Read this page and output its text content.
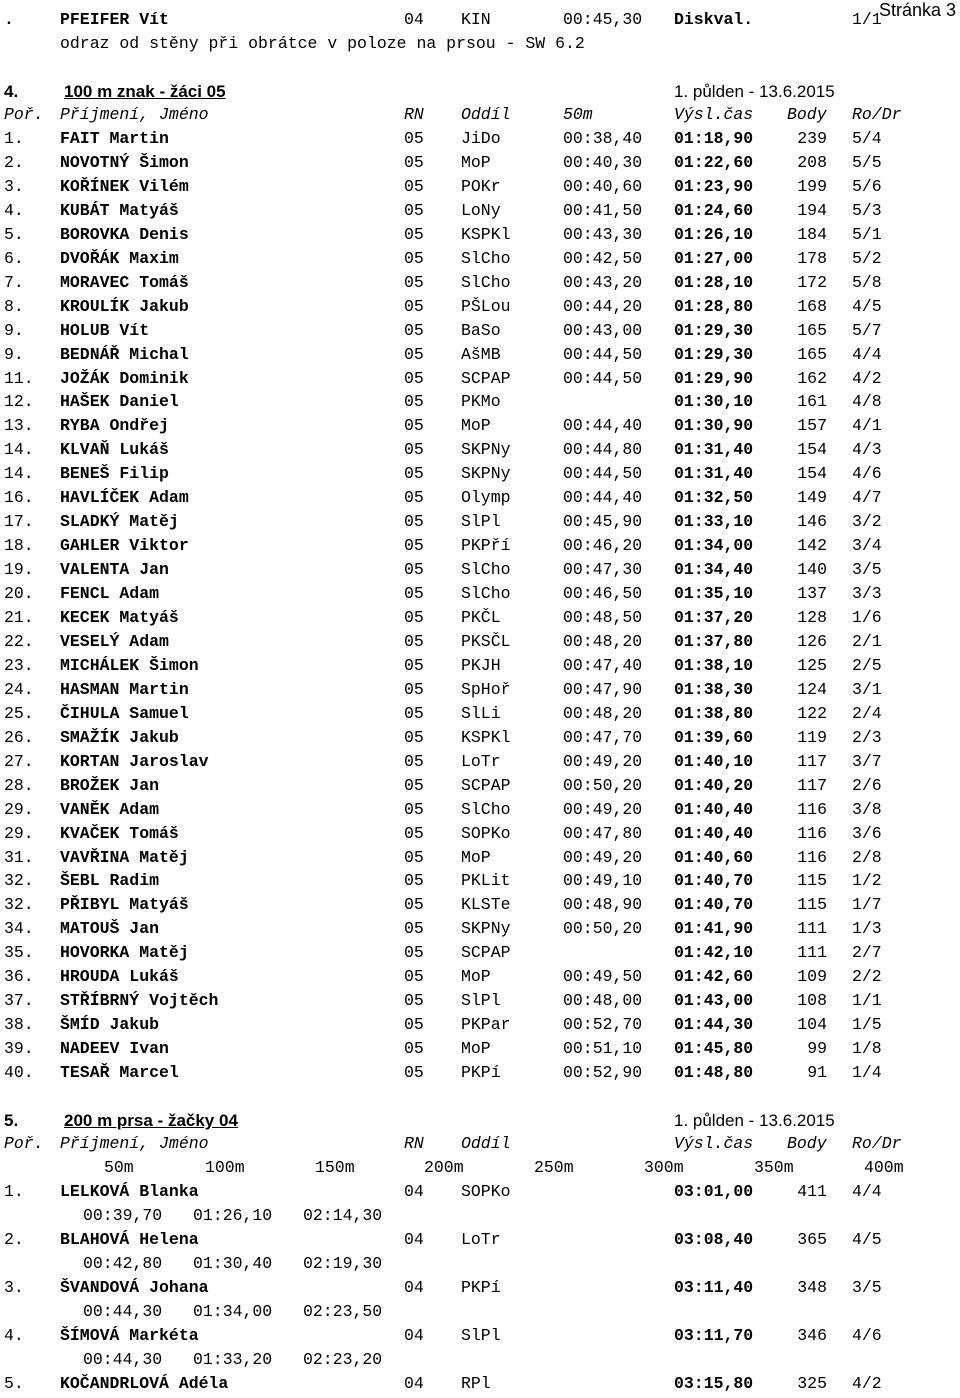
Stránka 3
.	PFEIFER Vít	04 KIN	00:45,30 Diskval.	1/1
odraz od stěny při obrátce v poloze na prsou - SW 6.2
4.	100 m znak - žáci 05	1. půlden - 13.6.2015
Poř. Příjmení, Jméno	RN Oddíl	50m	Výsl.čas Body Ro/Dr
1. FAIT Martin	05 JiDo	00:38,40 01:18,90	239 5/4
2. NOVOTNÝ Šimon	05 MoP	00:40,30 01:22,60	208 5/5
3. KOŘÍNEK Vilém	05 POKr	00:40,60 01:23,90	199 5/6
4. KUBÁT Matyáš	05 LoNy	00:41,50 01:24,60	194 5/3
5. BOROVKA Denis	05 KSPKl	00:43,30 01:26,10	184 5/1
6. DVOŘÁK Maxim	05 SlCho	00:42,50 01:27,00	178 5/2
7. MORAVEC Tomáš	05 SlCho	00:43,20 01:28,10	172 5/8
8. KROULÍK Jakub	05 PŠLou	00:44,20 01:28,80	168 4/5
9. HOLUB Vít	05 BaSo	00:43,00 01:29,30	165 5/7
9. BEDNÁŘ Michal	05 AšMB	00:44,50 01:29,30	165 4/4
11. JOŽÁK Dominik	05 SCPAP	00:44,50 01:29,90	162 4/2
12. HAŠEK Daniel	05 PKMo	01:30,10	161 4/8
13. RYBA Ondřej	05 MoP	00:44,40 01:30,90	157 4/1
14. KLVAŇ Lukáš	05 SKPNy	00:44,80 01:31,40	154 4/3
14. BENEŠ Filip	05 SKPNy	00:44,50 01:31,40	154 4/6
16. HAVLÍČEK Adam	05 Olymp	00:44,40 01:32,50	149 4/7
17. SLADKÝ Matěj	05 SlPl	00:45,90 01:33,10	146 3/2
18. GAHLER Viktor	05 PKPří	00:46,20 01:34,00	142 3/4
19. VALENTA Jan	05 SlCho	00:47,30 01:34,40	140 3/5
20. FENCL Adam	05 SlCho	00:46,50 01:35,10	137 3/3
21. KECEK Matyáš	05 PKČL	00:48,50 01:37,20	128 1/6
22. VESELÝ Adam	05 PKSČL	00:48,20 01:37,80	126 2/1
23. MICHÁLEK Šimon	05 PKJH	00:47,40 01:38,10	125 2/5
24. HASMAN Martin	05 SpHoř	00:47,90 01:38,30	124 3/1
25. ČIHULA Samuel	05 SlLi	00:48,20 01:38,80	122 2/4
26. SMAŽÍK Jakub	05 KSPKl	00:47,70 01:39,60	119 2/3
27. KORTAN Jaroslav	05 LoTr	00:49,20 01:40,10	117 3/7
28. BROŽEK Jan	05 SCPAP	00:50,20 01:40,20	117 2/6
29. VANĚK Adam	05 SlCho	00:49,20 01:40,40	116 3/8
29. KVAČEK Tomáš	05 SOPKo	00:47,80 01:40,40	116 3/6
31. VAVŘINA Matěj	05 MoP	00:49,20 01:40,60	116 2/8
32. ŠEBL Radim	05 PKLit	00:49,10 01:40,70	115 1/2
32. PŘIBYL Matyáš	05 KLSTe	00:48,90 01:40,70	115 1/7
34. MATOUŠ Jan	05 SKPNy	00:50,20 01:41,90	111 1/3
35. HOVORKA Matěj	05 SCPAP	01:42,10	111 2/7
36. HROUDA Lukáš	05 MoP	00:49,50 01:42,60	109 2/2
37. STŘÍBRNÝ Vojtěch	05 SlPl	00:48,00 01:43,00	108 1/1
38. ŠMÍD Jakub	05 PKPar	00:52,70 01:44,30	104 1/5
39. NADEEV Ivan	05 MoP	00:51,10 01:45,80	99 1/8
40. TESAŘ Marcel	05 PKPí	00:52,90 01:48,80	91 1/4
5.	200 m prsa - žačky 04	1. půlden - 13.6.2015
Poř. Příjmení, Jméno	RN Oddíl	Výsl.čas Body Ro/Dr
50m	100m	150m	200m	250m	300m	350m	400m
1. LELKOVÁ Blanka	04 SOPKo	03:01,00	411 4/4
00:39,70 01:26,10 02:14,30
2. BLAHOVÁ Helena	04 LoTr	03:08,40	365 4/5
00:42,80 01:30,40 02:19,30
3. ŠVANDOVÁ Johana	04 PKPí	03:11,40	348 3/5
00:44,30 01:34,00 02:23,50
4. ŠÍMOVÁ Markéta	04 SlPl	03:11,70	346 4/6
00:44,30 01:33,20 02:23,20
5. KOČANDRLOVÁ Adéla	04 RPl	03:15,80	325 4/2
